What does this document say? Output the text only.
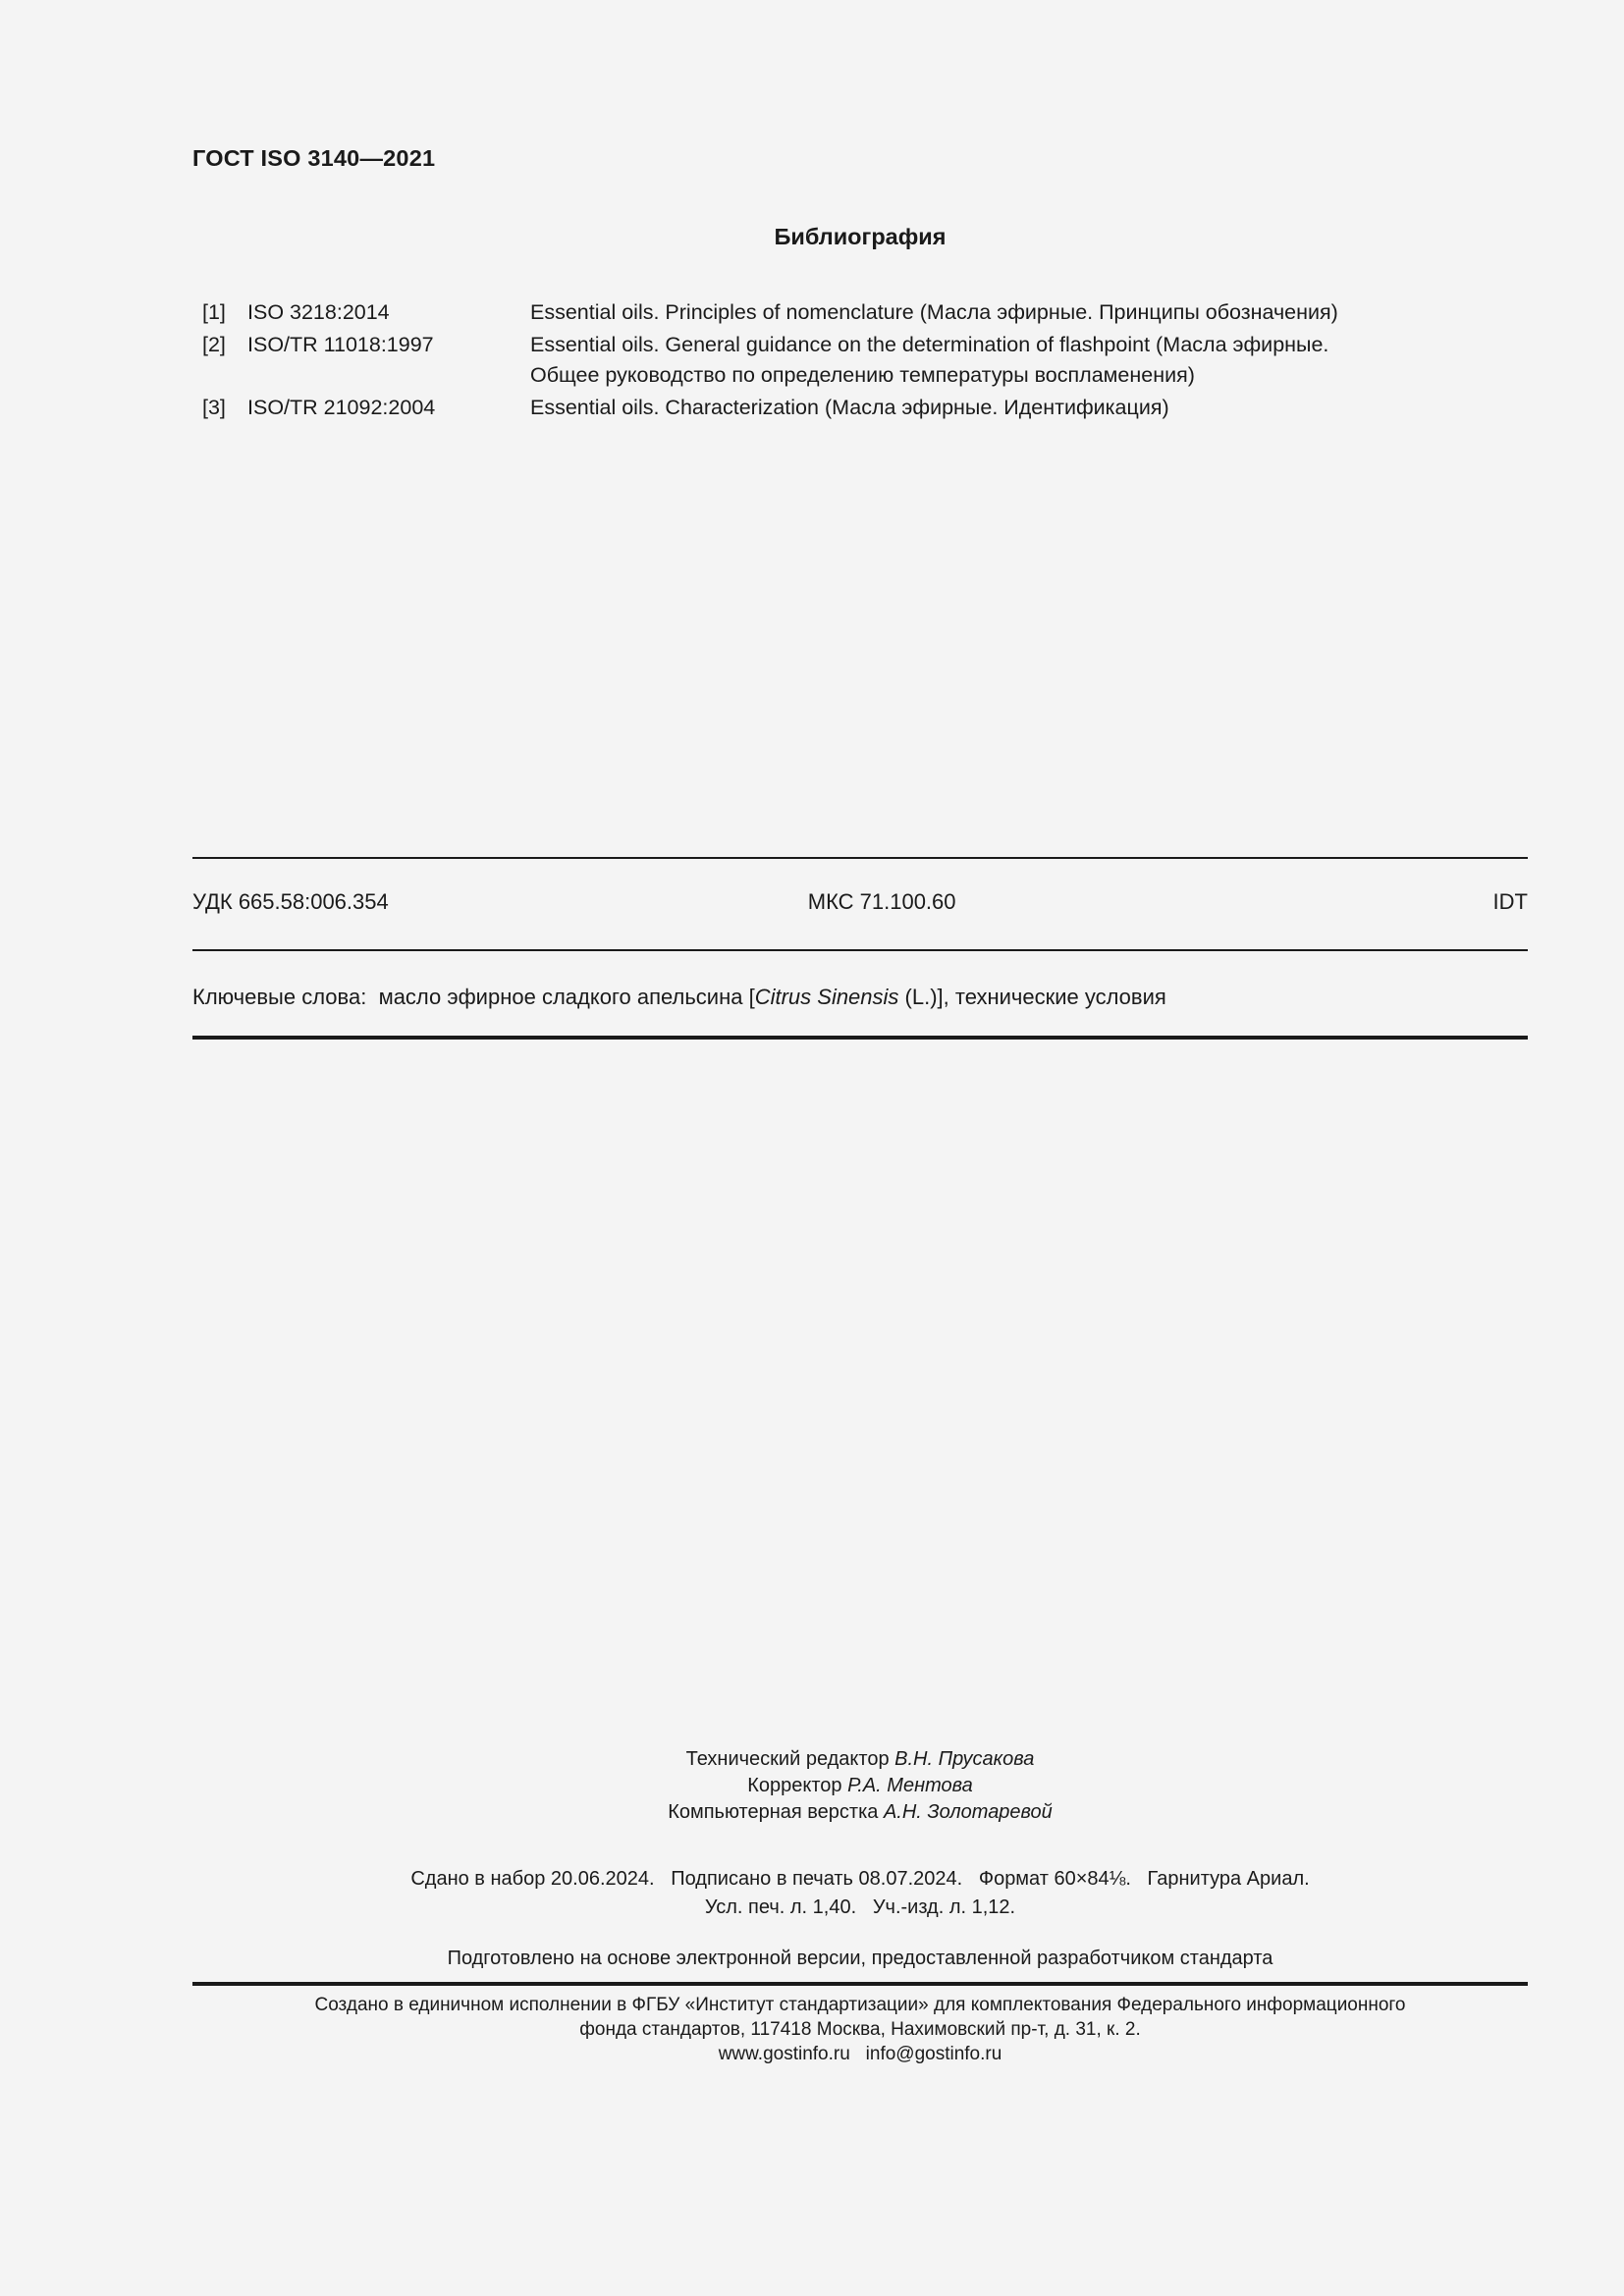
ГОСТ ISO 3140—2021
Библиография
[1]	ISO 3218:2014	Essential oils. Principles of nomenclature (Масла эфирные. Принципы обозначения)
[2]	ISO/TR 11018:1997	Essential oils. General guidance on the determination of flashpoint (Масла эфирные.
Общее руководство по определению температуры воспламенения)
[3]	ISO/TR 21092:2004	Essential oils. Characterization (Масла эфирные. Идентификация)
УДК 665.58:006.354	МКС 71.100.60	IDT
Ключевые слова: масло эфирное сладкого апельсина [Citrus Sinensis (L.)], технические условия
Технический редактор В.Н. Прусакова
Корректор Р.А. Ментова
Компьютерная верстка А.Н. Золотаревой
Сдано в набор 20.06.2024. Подписано в печать 08.07.2024. Формат 60×84⅛. Гарнитура Ариал.
Усл. печ. л. 1,40. Уч.-изд. л. 1,12.
Подготовлено на основе электронной версии, предоставленной разработчиком стандарта
Создано в единичном исполнении в ФГБУ «Институт стандартизации» для комплектования Федерального информационного
фонда стандартов, 117418 Москва, Нахимовский пр-т, д. 31, к. 2.
www.gostinfo.ru info@gostinfo.ru
